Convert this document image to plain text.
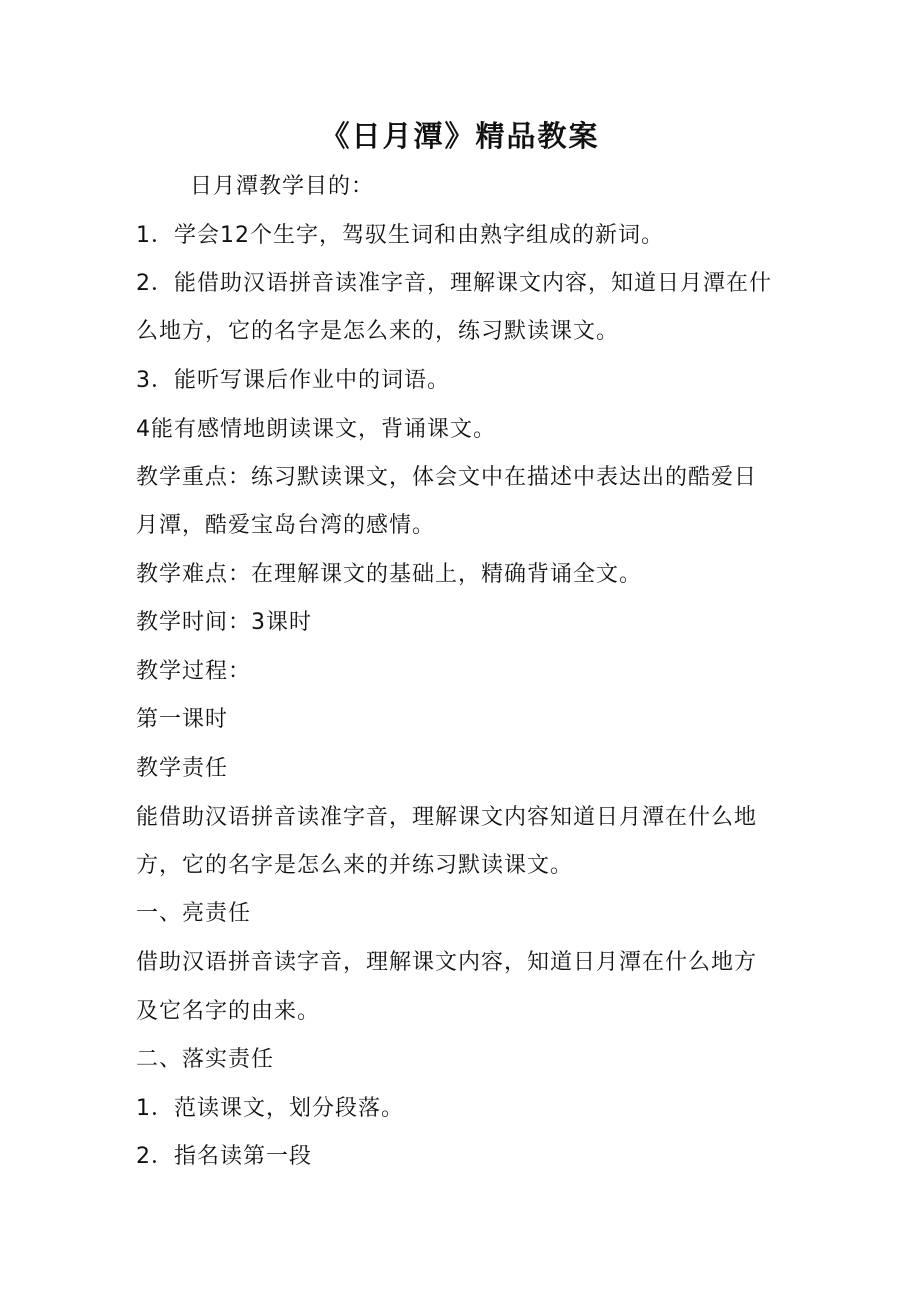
《日月潭》精品教案
日月潭教学目的：
1．学会12个生字，驾驭生词和由熟字组成的新词。
2．能借助汉语拼音读准字音，理解课文内容，知道日月潭在什
么地方，它的名字是怎么来的，练习默读课文。
3．能听写课后作业中的词语。
4能有感情地朗读课文，背诵课文。
教学重点：练习默读课文，体会文中在描述中表达出的酷爱日
月潭，酷爱宝岛台湾的感情。
教学难点：在理解课文的基础上，精确背诵全文。
教学时间：3课时
教学过程：
第一课时
教学责任
能借助汉语拼音读准字音，理解课文内容知道日月潭在什么地
方，它的名字是怎么来的并练习默读课文。
一、亮责任
借助汉语拼音读字音，理解课文内容，知道日月潭在什么地方
及它名字的由来。
二、落实责任
1．范读课文，划分段落。
2．指名读第一段
